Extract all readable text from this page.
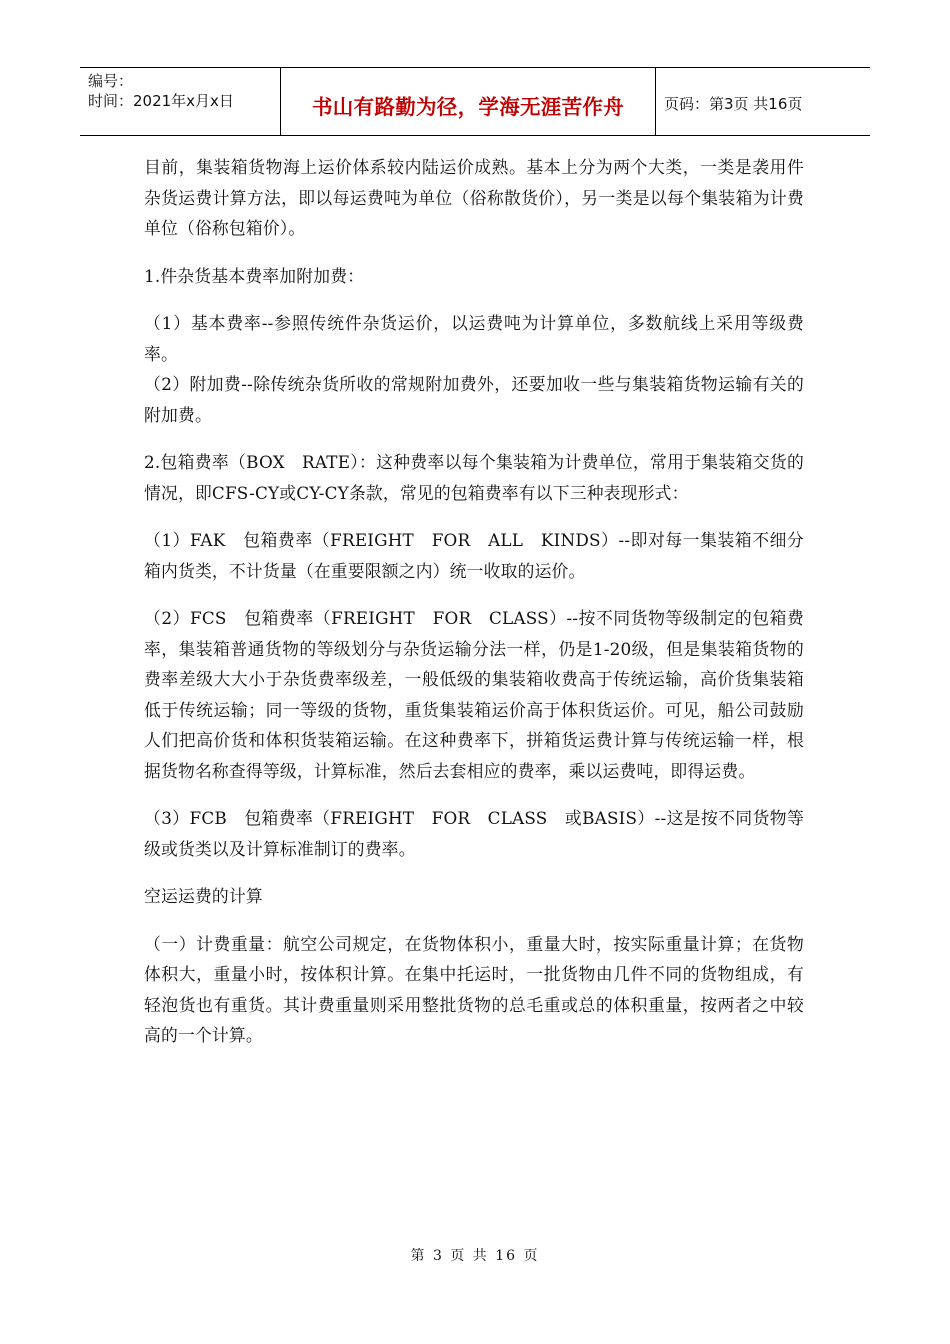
编号：
时间：2021年x月x日	书山有路勤为径，学海无涯苦作舟	页码：第3页 共16页

目前，集装箱货物海上运价体系较内陆运价成熟。基本上分为两个大类，一类是袭用件杂货运费计算方法，即以每运费吨为单位（俗称散货价），另一类是以每个集装箱为计费单位（俗称包箱价）。

1.件杂货基本费率加附加费：

（1）基本费率--参照传统件杂货运价，以运费吨为计算单位，多数航线上采用等级费率。

（2）附加费--除传统杂货所收的常规附加费外，还要加收一些与集装箱货物运输有关的附加费。

2.包箱费率（BOX　RATE）：这种费率以每个集装箱为计费单位，常用于集装箱交货的情况，即CFS-CY或CY-CY条款，常见的包箱费率有以下三种表现形式：

（1）FAK　包箱费率（FREIGHT　FOR　ALL　KINDS）--即对每一集装箱不细分箱内货类，不计货量（在重要限额之内）统一收取的运价。

（2）FCS　包箱费率（FREIGHT　FOR　CLASS）--按不同货物等级制定的包箱费率，集装箱普通货物的等级划分与杂货运输分法一样，仍是1-20级，但是集装箱货物的费率差级大大小于杂货费率级差，一般低级的集装箱收费高于传统运输，高价货集装箱低于传统运输；同一等级的货物，重货集装箱运价高于体积货运价。可见，船公司鼓励人们把高价货和体积货装箱运输。在这种费率下，拼箱货运费计算与传统运输一样，根据货物名称查得等级，计算标准，然后去套相应的费率，乘以运费吨，即得运费。

（3）FCB　包箱费率（FREIGHT　FOR　CLASS　或BASIS）--这是按不同货物等级或货类以及计算标准制订的费率。

空运运费的计算

（一）计费重量：航空公司规定，在货物体积小，重量大时，按实际重量计算；在货物体积大，重量小时，按体积计算。在集中托运时，一批货物由几件不同的货物组成，有轻泡货也有重货。其计费重量则采用整批货物的总毛重或总的体积重量，按两者之中较高的一个计算。

第 3 页 共 16 页
